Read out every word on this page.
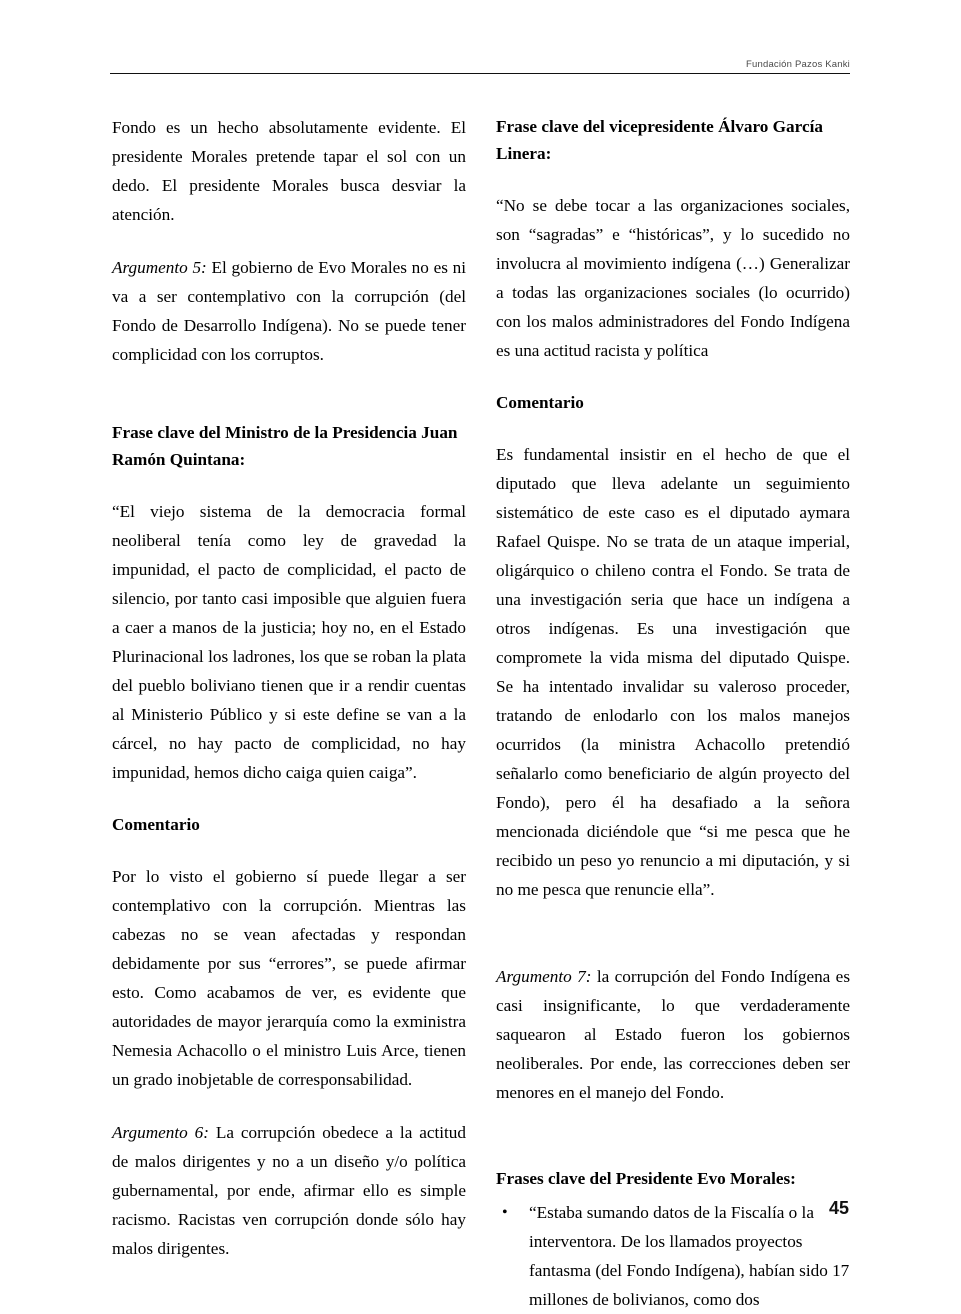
Fundación Pazos Kanki

Fondo es un hecho absolutamente evidente. El presidente Morales pretende tapar el sol con un dedo. El presidente Morales busca desviar la atención.

Argumento 5: El gobierno de Evo Morales no es ni va a ser contemplativo con la corrupción (del Fondo de Desarrollo Indígena). No se puede tener complicidad con los corruptos.

Frase clave del Ministro de la Presidencia Juan Ramón Quintana:

“El viejo sistema de la democracia formal neoliberal tenía como ley de gravedad la impunidad, el pacto de complicidad, el pacto de silencio, por tanto casi imposible que alguien fuera a caer a manos de la justicia; hoy no, en el Estado Plurinacional los ladrones, los que se roban la plata del pueblo boliviano tienen que ir a rendir cuentas al Ministerio Público y si este define se van a la cárcel, no hay pacto de complicidad, no hay impunidad, hemos dicho caiga quien caiga”.

Comentario

Por lo visto el gobierno sí puede llegar a ser contemplativo con la corrupción. Mientras las cabezas no se vean afectadas y respondan debidamente por sus “errores”, se puede afirmar esto. Como acabamos de ver, es evidente que autoridades de mayor jerarquía como la exministra Nemesia Achacollo o el ministro Luis Arce, tienen un grado inobjetable de corresponsabilidad.

Argumento 6: La corrupción obedece a la actitud de malos dirigentes y no a un diseño y/o política gubernamental, por ende, afirmar ello es simple racismo. Racistas ven corrupción donde sólo hay malos dirigentes.

Frase clave del vicepresidente Álvaro García Linera:

“No se debe tocar a las organizaciones sociales, son “sagradas” e “históricas”, y lo sucedido no involucra al movimiento indígena (…) Generalizar a todas las organizaciones sociales (lo ocurrido) con los malos administradores del Fondo Indígena es una actitud racista y política

Comentario

Es fundamental insistir en el hecho de que el diputado que lleva adelante un seguimiento sistemático de este caso es el diputado aymara Rafael Quispe. No se trata de un ataque imperial, oligárquico o chileno contra el Fondo. Se trata de una investigación seria que hace un indígena a otros indígenas. Es una investigación que compromete la vida misma del diputado Quispe. Se ha intentado invalidar su valeroso proceder, tratando de enlodarlo con los malos manejos ocurridos (la ministra Achacollo pretendió señalarlo como beneficiario de algún proyecto del Fondo), pero él ha desafiado a la señora mencionada diciéndole que “si me pesca que he recibido un peso yo renuncio a mi diputación, y si no me pesca que renuncie ella”.

Argumento 7: la corrupción del Fondo Indígena es casi insignificante, lo que verdaderamente saquearon al Estado fueron los gobiernos neoliberales. Por ende, las correcciones deben ser menores en el manejo del Fondo.

Frases clave del Presidente Evo Morales:
• “Estaba sumando datos de la Fiscalía o la interventora. De los llamados proyectos fantasma (del Fondo Indígena), habían sido 17 millones de bolivianos, como dos
45
